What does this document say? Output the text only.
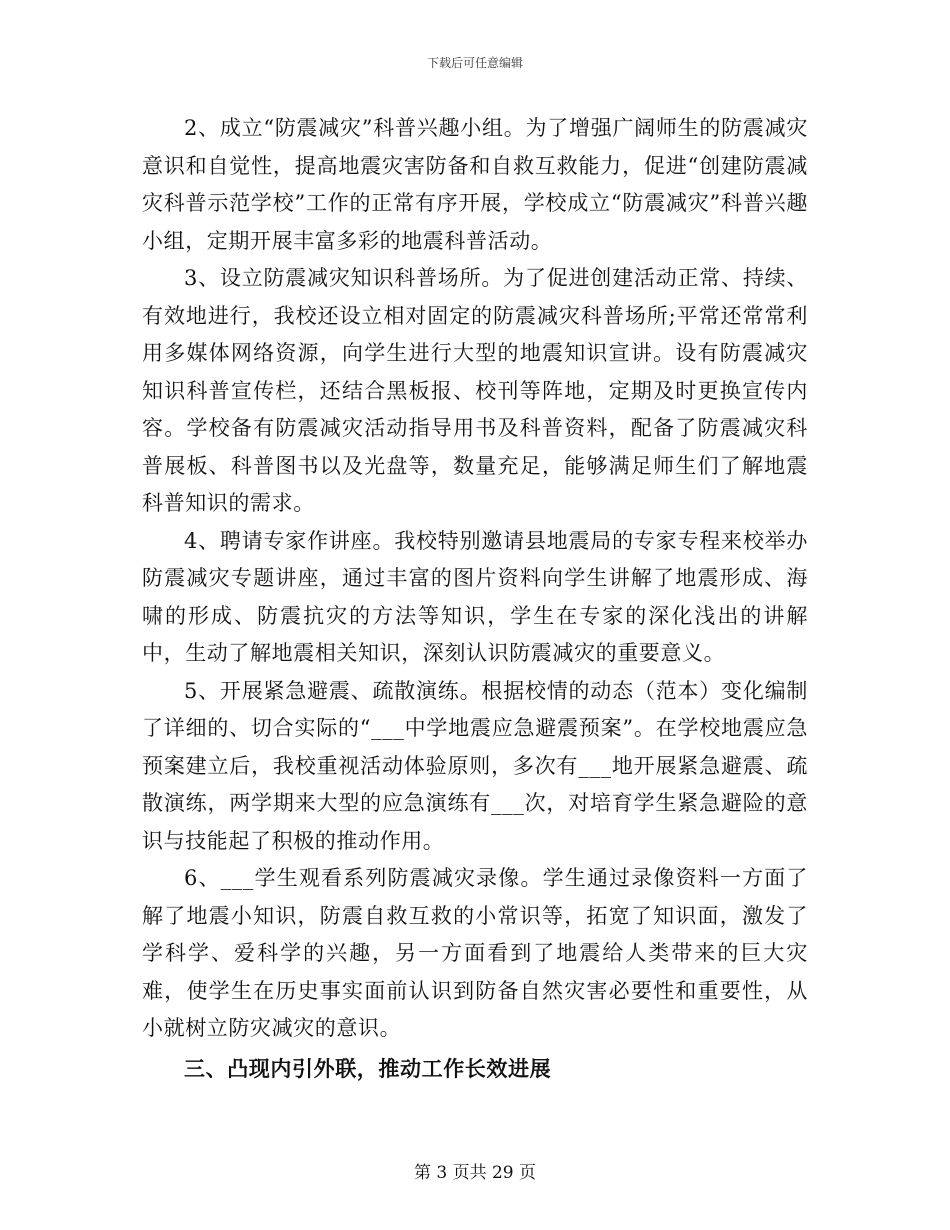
下载后可任意编辑

2、成立“防震减灾”科普兴趣小组。为了增强广阔师生的防震减灾意识和自觉性，提高地震灾害防备和自救互救能力，促进“创建防震减灾科普示范学校”工作的正常有序开展，学校成立“防震减灾”科普兴趣小组，定期开展丰富多彩的地震科普活动。

3、设立防震减灾知识科普场所。为了促进创建活动正常、持续、有效地进行，我校还设立相对固定的防震减灾科普场所;平常还常常利用多媒体网络资源，向学生进行大型的地震知识宣讲。设有防震减灾知识科普宣传栏，还结合黑板报、校刊等阵地，定期及时更换宣传内容。学校备有防震减灾活动指导用书及科普资料，配备了防震减灾科普展板、科普图书以及光盘等，数量充足，能够满足师生们了解地震科普知识的需求。

4、聘请专家作讲座。我校特别邀请县地震局的专家专程来校举办防震减灾专题讲座，通过丰富的图片资料向学生讲解了地震形成、海啸的形成、防震抗灾的方法等知识，学生在专家的深化浅出的讲解中，生动了解地震相关知识，深刻认识防震减灾的重要意义。

5、开展紧急避震、疏散演练。根据校情的动态（范本）变化编制了详细的、切合实际的“___中学地震应急避震预案”。在学校地震应急预案建立后，我校重视活动体验原则，多次有___地开展紧急避震、疏散演练，两学期来大型的应急演练有___次，对培育学生紧急避险的意识与技能起了积极的推动作用。

6、___学生观看系列防震减灾录像。学生通过录像资料一方面了解了地震小知识，防震自救互救的小常识等，拓宽了知识面，激发了学科学、爱科学的兴趣，另一方面看到了地震给人类带来的巨大灾难，使学生在历史事实面前认识到防备自然灾害必要性和重要性，从小就树立防灾减灾的意识。

三、凸现内引外联，推动工作长效进展

第 3 页共 29 页
